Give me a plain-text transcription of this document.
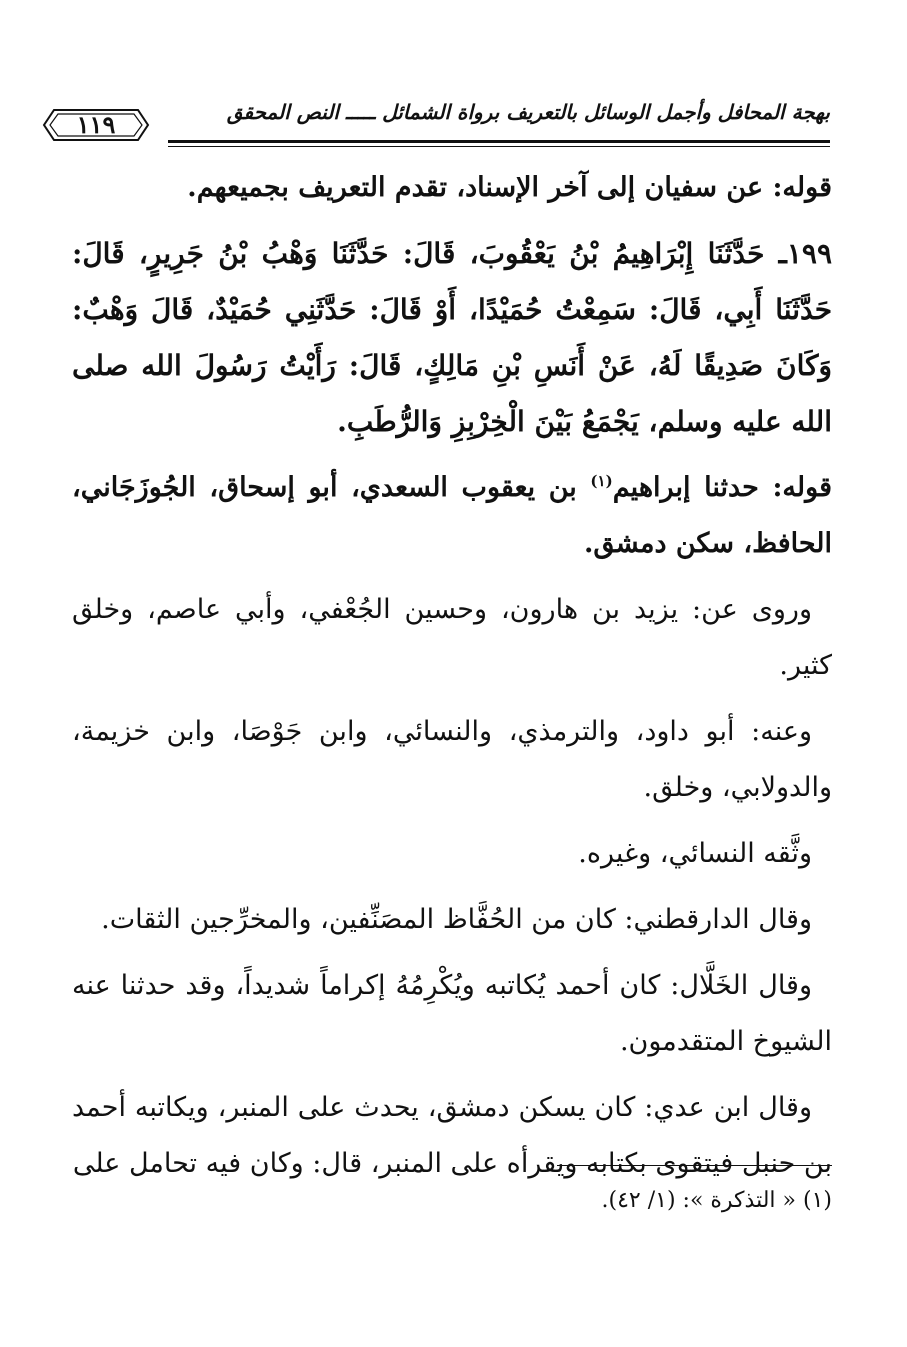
بهجة المحافل وأجمل الوسائل بالتعريف برواة الشمائل ـــــ النص المحقق
١١٩

قوله: عن سفيان إلى آخر الإسناد، تقدم التعريف بجميعهم.

١٩٩ـ حَدَّثَنَا إِبْرَاهِيمُ بْنُ يَعْقُوبَ، قَالَ: حَدَّثَنَا وَهْبُ بْنُ جَرِيرٍ، قَالَ: حَدَّثَنَا أَبِي، قَالَ: سَمِعْتُ حُمَيْدًا، أَوْ قَالَ: حَدَّثَنِي حُمَيْدٌ، قَالَ وَهْبٌ: وَكَانَ صَدِيقًا لَهُ، عَنْ أَنَسِ بْنِ مَالِكٍ، قَالَ: رَأَيْتُ رَسُولَ الله صلى الله عليه وسلم، يَجْمَعُ بَيْنَ الْخِرْبِزِ وَالرُّطَبِ.

قوله: حدثنا إبراهيم$^{(١)}$ بن يعقوب السعدي، أبو إسحاق، الجُوزَجَاني، الحافظ، سكن دمشق.

وروى عن: يزيد بن هارون، وحسين الجُعْفي، وأبي عاصم، وخلق كثير.

وعنه: أبو داود، والترمذي، والنسائي، وابن جَوْصَا، وابن خزيمة، والدولابي، وخلق.

وثَّقه النسائي، وغيره.

وقال الدارقطني: كان من الحُفَّاظ المصَنِّفين، والمخرِّجين الثقات.

وقال الخَلَّال: كان أحمد يُكاتبه ويُكْرِمُهُ إكراماً شديداً، وقد حدثنا عنه الشيوخ المتقدمون.

وقال ابن عدي: كان يسكن دمشق، يحدث على المنبر، ويكاتبه أحمد بن حنبل فيتقوى بكتابه ويقرأه على المنبر، قال: وكان فيه تحامل على

(١) « التذكرة »: (١/ ٤٢).
